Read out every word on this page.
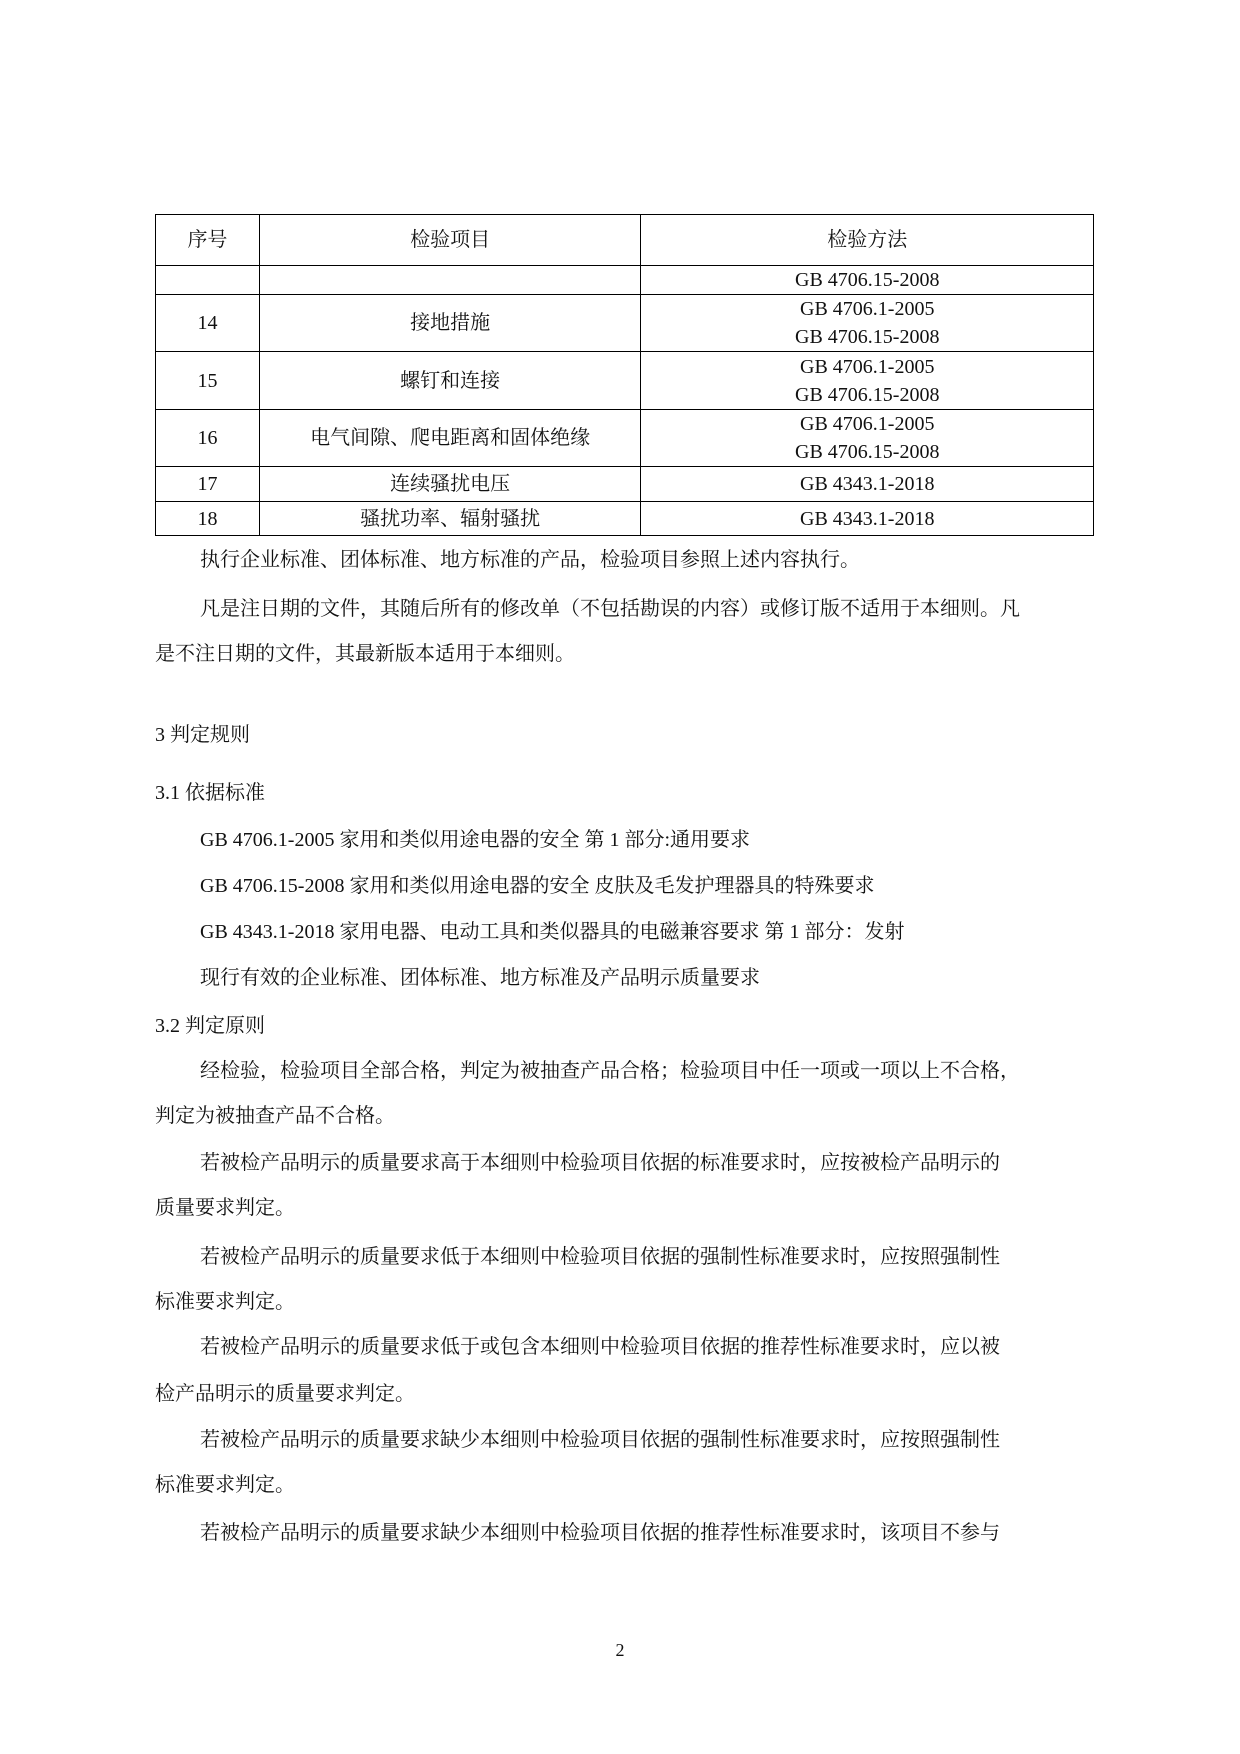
序号	检验项目	检验方法

		GB 4706.15-2008

14	接地措施	GB 4706.1-2005
GB 4706.15-2008

15	螺钉和连接	GB 4706.1-2005
GB 4706.15-2008

16	电气间隙、爬电距离和固体绝缘	GB 4706.1-2005
GB 4706.15-2008

17	连续骚扰电压	GB 4343.1-2018

18	骚扰功率、辐射骚扰	GB 4343.1-2018
执行企业标准、团体标准、地方标准的产品，检验项目参照上述内容执行。
凡是注日期的文件，其随后所有的修改单（不包括勘误的内容）或修订版不适用于本细则。凡
是不注日期的文件，其最新版本适用于本细则。
3 判定规则
3.1 依据标准
GB 4706.1-2005 家用和类似用途电器的安全 第 1 部分:通用要求
GB 4706.15-2008 家用和类似用途电器的安全 皮肤及毛发护理器具的特殊要求
GB 4343.1-2018 家用电器、电动工具和类似器具的电磁兼容要求 第 1 部分：发射
现行有效的企业标准、团体标准、地方标准及产品明示质量要求
3.2 判定原则
经检验，检验项目全部合格，判定为被抽查产品合格；检验项目中任一项或一项以上不合格，
判定为被抽查产品不合格。
若被检产品明示的质量要求高于本细则中检验项目依据的标准要求时，应按被检产品明示的
质量要求判定。
若被检产品明示的质量要求低于本细则中检验项目依据的强制性标准要求时，应按照强制性
标准要求判定。
若被检产品明示的质量要求低于或包含本细则中检验项目依据的推荐性标准要求时，应以被
检产品明示的质量要求判定。
若被检产品明示的质量要求缺少本细则中检验项目依据的强制性标准要求时，应按照强制性
标准要求判定。
若被检产品明示的质量要求缺少本细则中检验项目依据的推荐性标准要求时，该项目不参与
2
